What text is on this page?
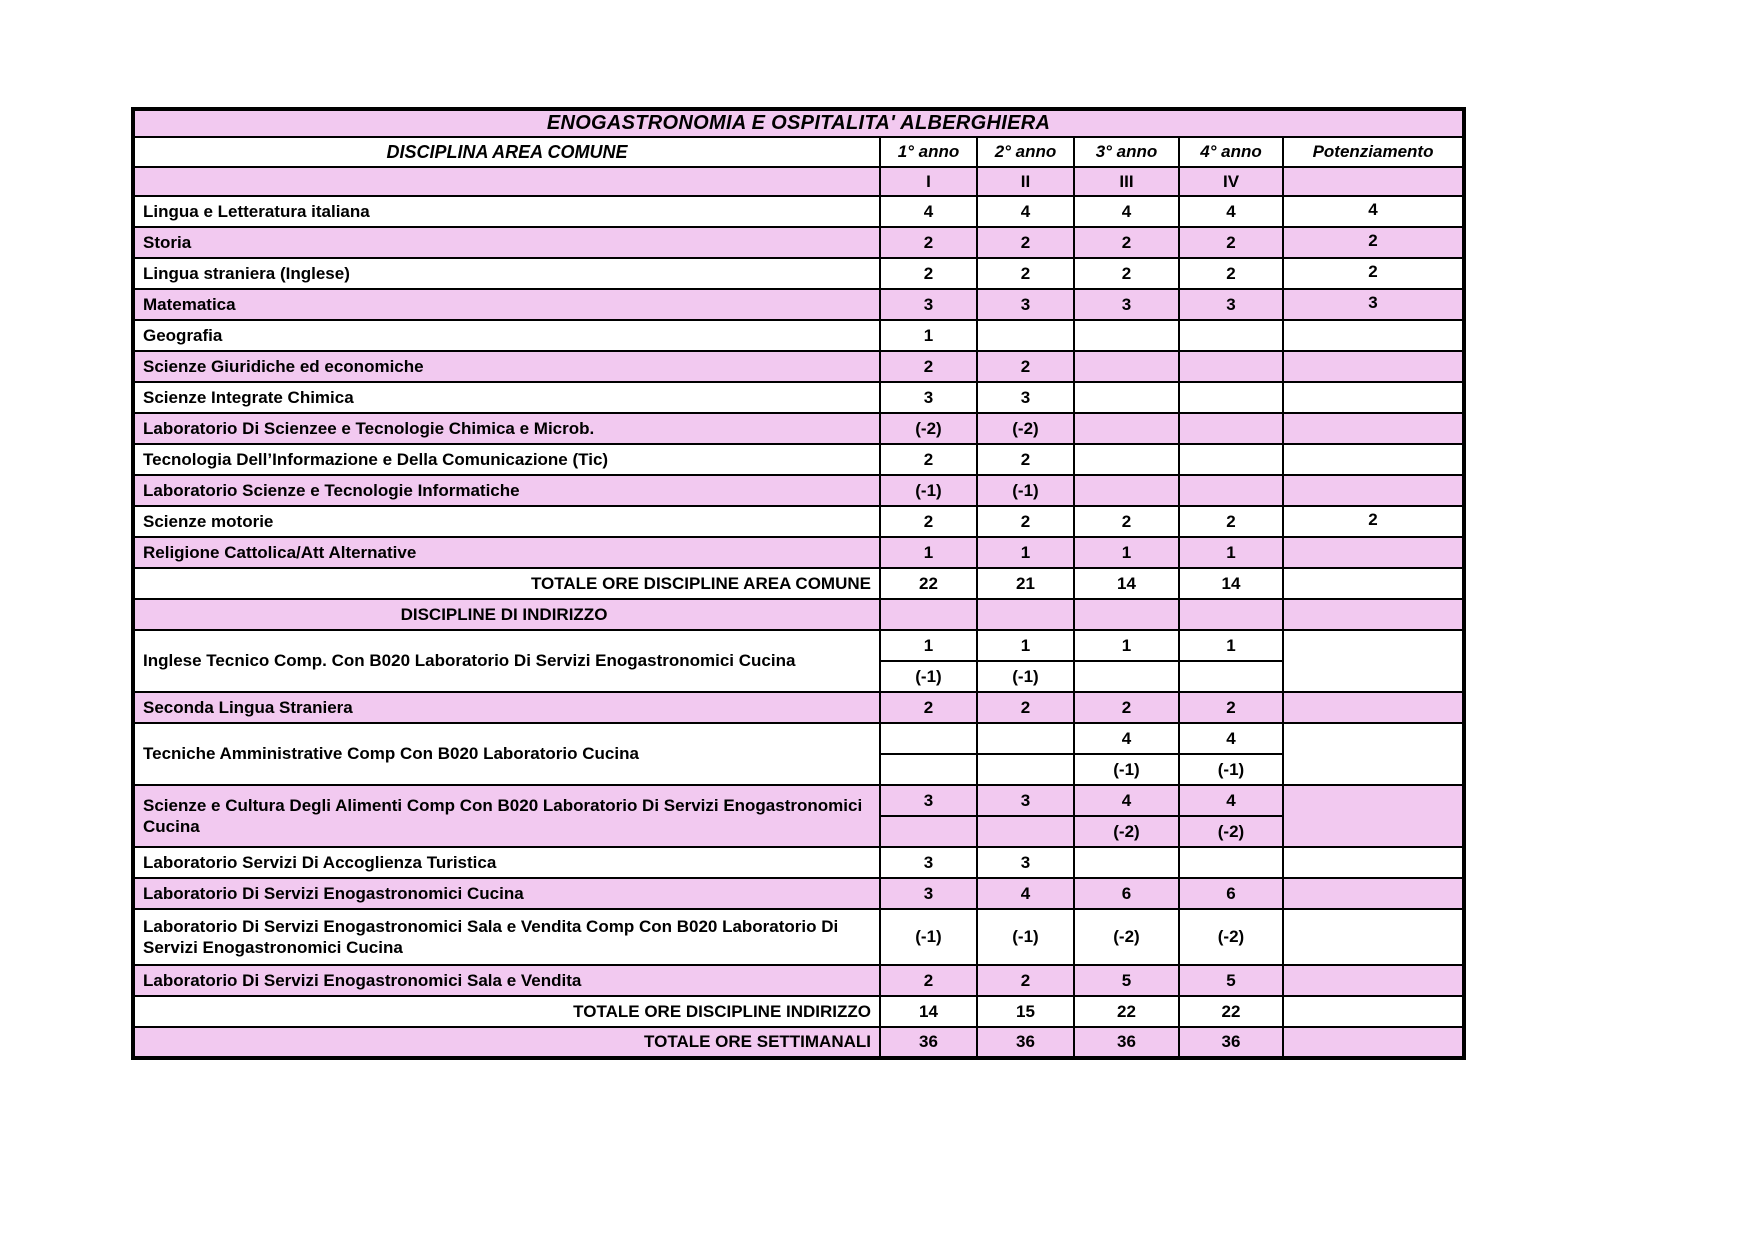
ENOGASTRONOMIA E OSPITALITA' ALBERGHIERA					
DISCIPLINA AREA COMUNE	1° anno	2° anno	3° anno	4° anno	Potenziamento
	I	II	III	IV	
Lingua e Letteratura italiana	4	4	4	4	4
Storia	2	2	2	2	2
Lingua straniera (Inglese)	2	2	2	2	2
Matematica	3	3	3	3	3
Geografia	1				
Scienze Giuridiche ed economiche	2	2			
Scienze Integrate Chimica	3	3			
Laboratorio Di Scienzee e Tecnologie Chimica e Microb.	(-2)	(-2)			
Tecnologia Dell’Informazione e Della Comunicazione (Tic)	2	2			
Laboratorio Scienze e Tecnologie Informatiche	(-1)	(-1)			
Scienze motorie	2	2	2	2	2
Religione Cattolica/Att Alternative	1	1	1	1	
TOTALE ORE DISCIPLINE AREA COMUNE	22	21	14	14	
DISCIPLINE DI INDIRIZZO					
Inglese Tecnico Comp. Con B020 Laboratorio Di Servizi Enogastronomici Cucina	1	1	1	1	
	(-1)	(-1)			
Seconda Lingua Straniera	2	2	2	2	
Tecniche Amministrative Comp Con B020 Laboratorio Cucina			4	4	
			(-1)	(-1)	
Scienze e Cultura Degli Alimenti Comp Con B020 Laboratorio Di Servizi Enogastronomici Cucina	3	3	4	4	
			(-2)	(-2)	
Laboratorio Servizi Di Accoglienza Turistica	3	3			
Laboratorio Di Servizi Enogastronomici Cucina	3	4	6	6	
Laboratorio Di Servizi Enogastronomici Sala e Vendita Comp Con B020 Laboratorio Di Servizi Enogastronomici Cucina	(-1)	(-1)	(-2)	(-2)	
Laboratorio Di Servizi Enogastronomici Sala e Vendita	2	2	5	5	
TOTALE ORE DISCIPLINE INDIRIZZO	14	15	22	22	
TOTALE ORE SETTIMANALI	36	36	36	36	
